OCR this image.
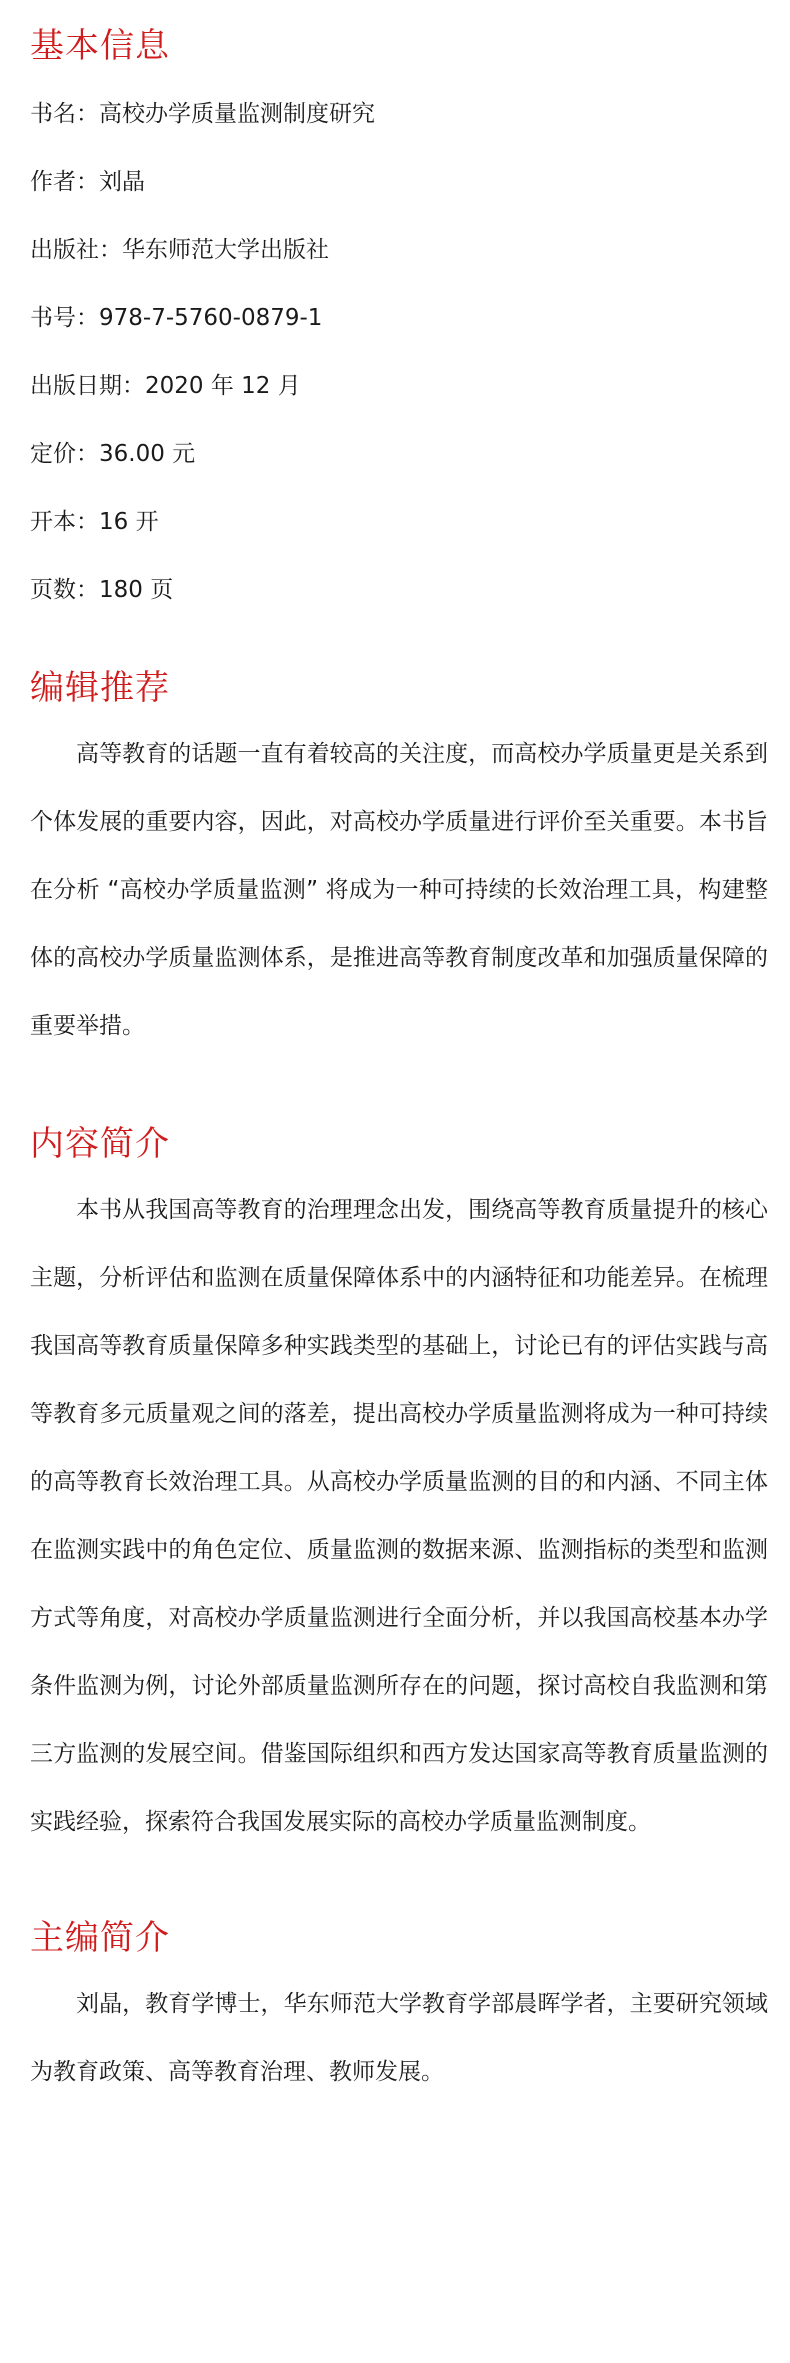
基本信息
书名：高校办学质量监测制度研究
作者：刘晶
出版社：华东师范大学出版社
书号：978-7-5760-0879-1
出版日期：2020 年 12 月
定价：36.00 元
开本：16 开
页数：180 页
编辑推荐

高等教育的话题一直有着较高的关注度，而高校办学质量更是关系到个体发展的重要内容，因此，对高校办学质量进行评价至关重要。本书旨在分析 “高校办学质量监测” 将成为一种可持续的长效治理工具，构建整体的高校办学质量监测体系，是推进高等教育制度改革和加强质量保障的重要举措。

内容简介

本书从我国高等教育的治理理念出发，围绕高等教育质量提升的核心主题，分析评估和监测在质量保障体系中的内涵特征和功能差异。在梳理我国高等教育质量保障多种实践类型的基础上，讨论已有的评估实践与高等教育多元质量观之间的落差，提出高校办学质量监测将成为一种可持续的高等教育长效治理工具。从高校办学质量监测的目的和内涵、不同主体在监测实践中的角色定位、质量监测的数据来源、监测指标的类型和监测方式等角度，对高校办学质量监测进行全面分析，并以我国高校基本办学条件监测为例，讨论外部质量监测所存在的问题，探讨高校自我监测和第三方监测的发展空间。借鉴国际组织和西方发达国家高等教育质量监测的实践经验，探索符合我国发展实际的高校办学质量监测制度。

主编简介

刘晶，教育学博士，华东师范大学教育学部晨晖学者，主要研究领域为教育政策、高等教育治理、教师发展。
